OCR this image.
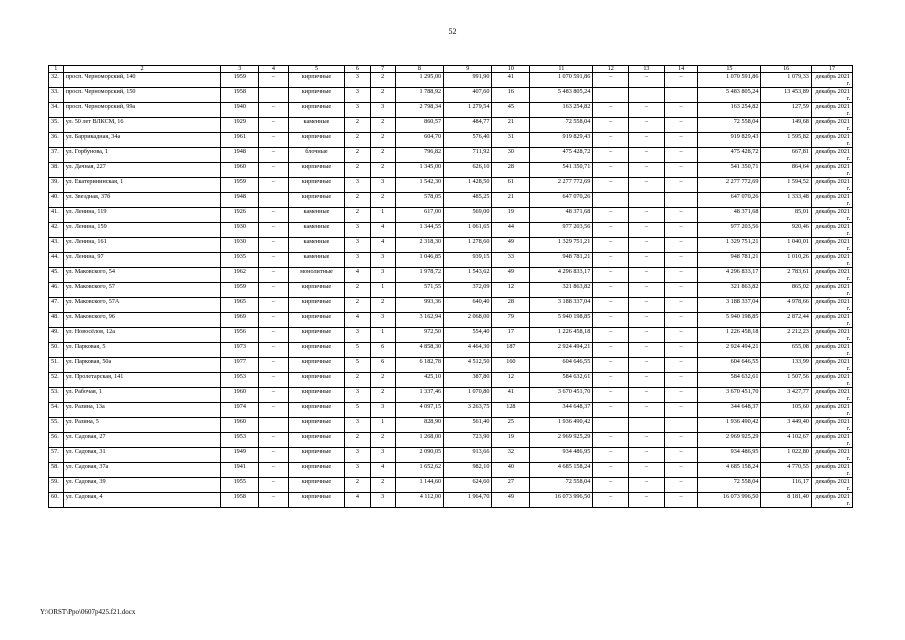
52
1	2	3	4	5	6	7	8	9	10	11	12	13	14	15	16	17
32.	просп. Черноморский, 140	1959	–	кирпичные	3	2	1 295,00	991,90	41	1 070 591,86	–	–	–	1 070 591,86	1 079,33	декабрь 2021 г.
33.	просп. Черноморский, 150	1958		кирпичные	3	2	1 788,92	407,60	16	5 483 805,24				5 483 805,24	13 453,89	декабрь 2021 г.
34.	просп. Черноморский, 99а	1940	–	кирпичные	3	3	2 798,34	1 279,54	45	163 254,82	–	–	–	163 254,82	127,59	декабрь 2021 г.
35.	ул. 50 лет ВЛКСМ, 16	1929	–	каменные	2	2	860,57	484,77	21	72 558,04	–	–	–	72 558,04	149,68	декабрь 2021 г.
36.	ул. Баррикадная, 34а	1961	–	кирпичные	2	2	604,70	576,40	31	919 829,43	–	–	–	919 829,43	1 595,82	декабрь 2021 г.
37.	ул. Горбунова, 1	1948	–	блочные	2	2	796,82	711,92	30	475 428,72	–	–	–	475 428,72	667,81	декабрь 2021 г.
38.	ул. Дачная, 227	1960	–	кирпичные	2	2	1 345,00	626,10	28	541 350,71	–	–	–	541 350,71	864,64	декабрь 2021 г.
39.	ул. Екатерининская, 1	1959	–	кирпичные	3	3	1 542,30	1 428,50	61	2 277 772,69	–	–	–	2 277 772,69	1 594,52	декабрь 2021 г.
40.	ул. Звездная, 37б	1948		кирпичные	2	2	578,05	485,25	21	647 070,26				647 070,26	1 333,48	декабрь 2021 г.
41.	ул. Ленина, 119	1926	–	каменные	2	1	617,00	569,00	19	48 371,68	–	–	–	48 371,68	85,01	декабрь 2021 г.
42.	ул. Ленина, 159	1930	–	каменные	3	4	1 344,55	1 061,65	44	977 203,56	–	–	–	977 203,56	920,46	декабрь 2021 г.
43.	ул. Ленина, 161	1930	–	каменные	3	4	2 318,30	1 278,60	49	1 329 751,21	–	–	–	1 329 751,21	1 040,01	декабрь 2021 г.
44.	ул. Ленина, 97	1935	–	каменные	3	3	1 046,85	939,15	33	948 781,21	–	–	–	948 781,21	1 010,26	декабрь 2021 г.
45.	ул. Маковского, 54	1962	–	монолитные	4	3	1 978,72	1 543,62	49	4 296 833,17	–	–	–	4 296 833,17	2 783,61	декабрь 2021 г.
46.	ул. Маковского, 57	1959	–	кирпичные	2	1	571,55	372,09	12	321 863,82	–	–	–	321 863,82	865,02	декабрь 2021 г.
47.	ул. Маковского, 57А	1965	–	кирпичные	2	2	993,36	640,40	28	3 188 337,04	–	–	–	3 188 337,04	4 978,66	декабрь 2021 г.
48.	ул. Маковского, 96	1969	–	кирпичные	4	3	3 162,94	2 068,00	79	5 940 198,85	–	–	–	5 940 198,85	2 872,44	декабрь 2021 г.
49.	ул. Новосёлов, 12а	1956	–	кирпичные	3	1	972,50	554,40	17	1 226 458,18	–	–	–	1 226 458,18	2 212,23	декабрь 2021 г.
50.	ул. Парковая, 5	1973	–	кирпичные	5	6	4 858,30	4 464,30	187	2 924 494,21	–	–	–	2 924 494,21	655,08	декабрь 2021 г.
51.	ул. Парковая, 50а	1977	–	кирпичные	5	6	6 182,78	4 512,50	160	604 646,55	–	–	–	604 646,55	133,99	декабрь 2021 г.
52.	ул. Пролетарская, 141	1953	–	кирпичные	2	2	425,10	387,80	12	584 632,61	–	–	–	584 632,61	1 507,56	декабрь 2021 г.
53.	ул. Рабочая, 1	1960	–	кирпичные	3	2	1 337,46	1 070,80	41	3 670 451,70	–	–	–	3 670 451,70	3 427,77	декабрь 2021 г.
54.	ул. Разина, 13а	1974	–	кирпичные	5	3	4 097,15	3 263,75	128	344 648,37	–	–	–	344 648,37	105,60	декабрь 2021 г.
55.	ул. Разина, 5	1960		кирпичные	3	1	828,90	561,40	25	1 936 490,42				1 936 490,42	3 449,40	декабрь 2021 г.
56.	ул. Садовая, 27	1953	–	кирпичные	2	2	1 268,00	723,90	19	2 969 925,29	–	–	–	2 969 925,29	4 102,67	декабрь 2021 г.
57.	ул. Садовая, 31	1949	–	кирпичные	3	3	2 090,05	913,66	32	934 486,95	–	–	–	934 486,95	1 022,80	декабрь 2021 г.
58.	ул. Садовая, 37а	1941	–	кирпичные	3	4	1 652,62	982,10	40	4 685 158,24	–	–	–	4 685 158,24	4 770,55	декабрь 2021 г.
59.	ул. Садовая, 39	1955	–	кирпичные	2	2	1 144,60	624,60	27	72 558,04	–	–	–	72 558,04	116,17	декабрь 2021 г.
60.	ул. Садовая, 4	1958	–	кирпичные	4	3	4 112,00	1 964,70	49	16 073 996,50	–	–	–	16 073 996,50	8 181,40	декабрь 2021 г.
Y:\ORST\Ppo\0607p425.f21.docx
